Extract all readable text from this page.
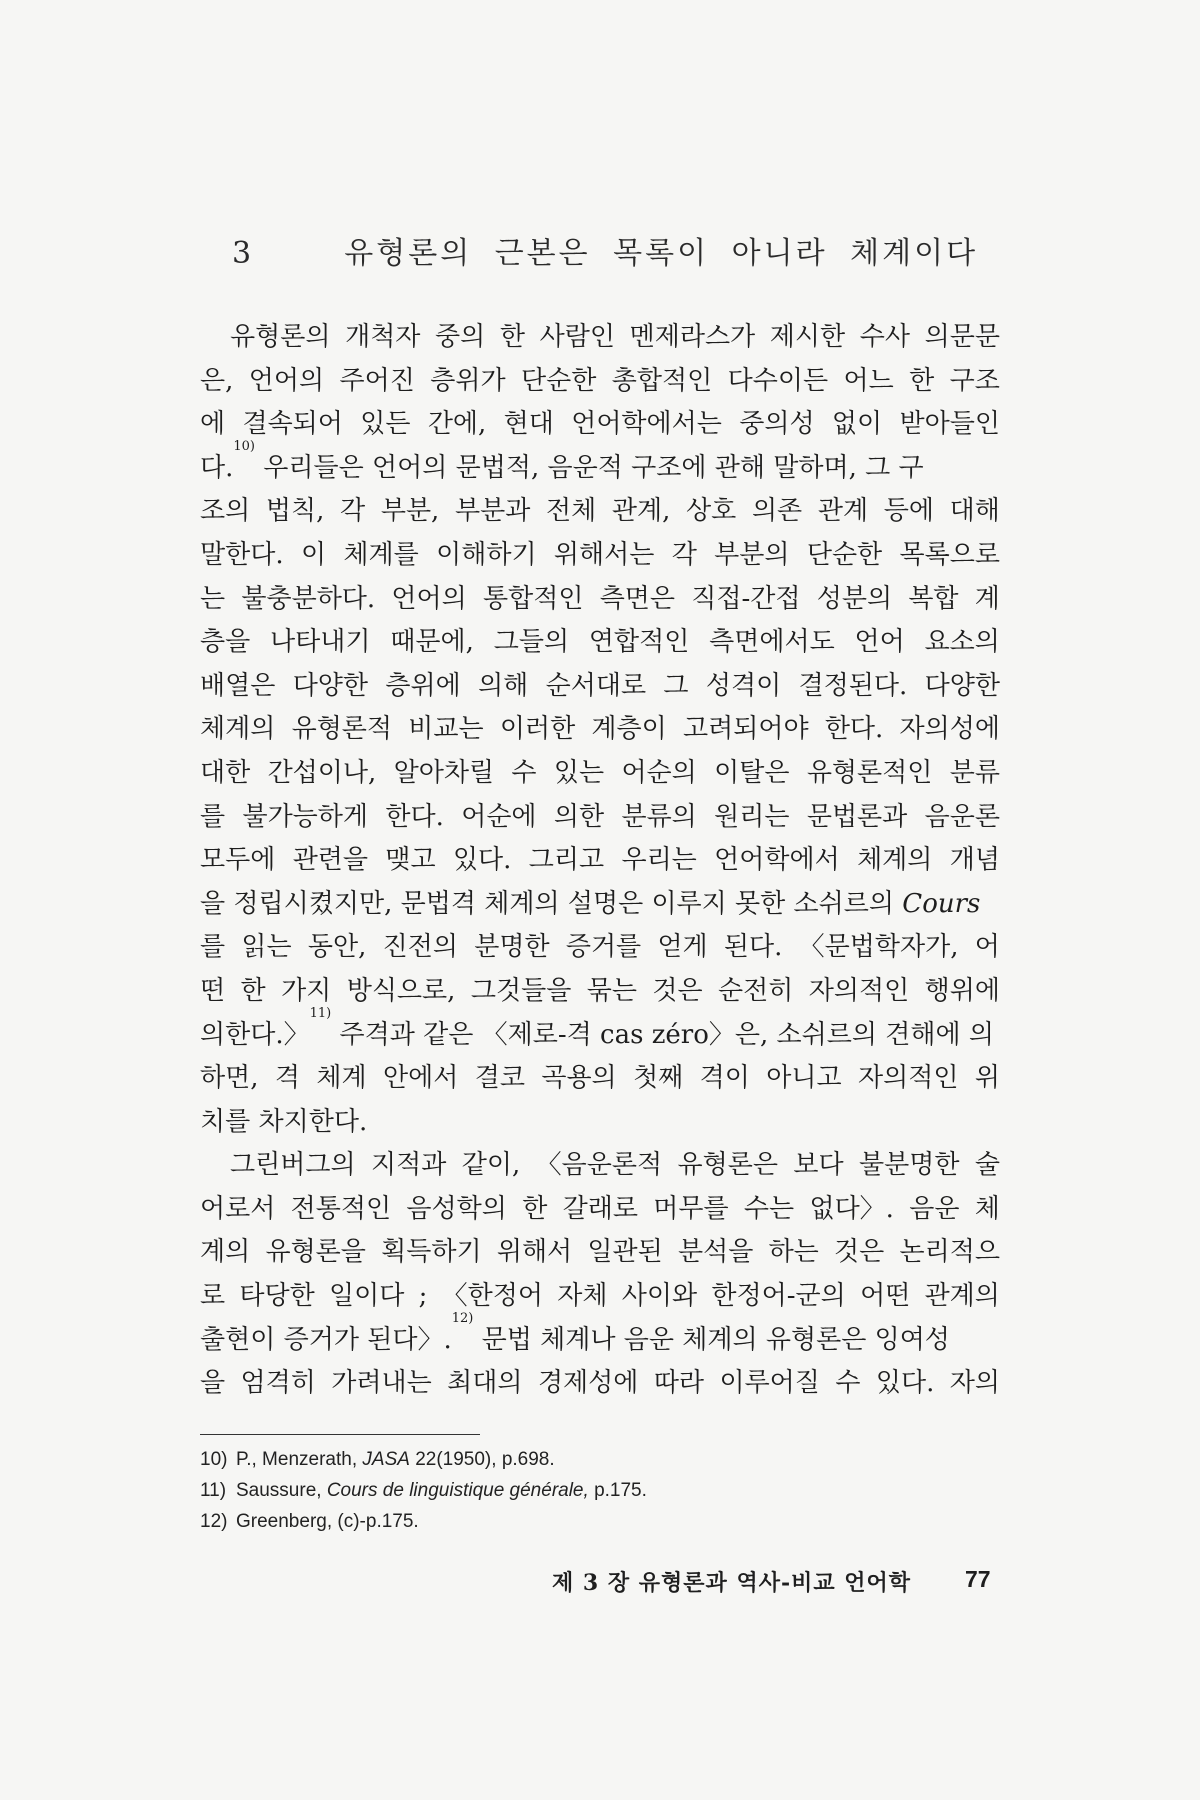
3	유형론의 근본은 목록이 아니라 체계이다
유형론의 개척자 중의 한 사람인 멘제라스가 제시한 수사 의문문
은, 언어의 주어진 층위가 단순한 총합적인 다수이든 어느 한 구조
에 결속되어 있든 간에, 현대 언어학에서는 중의성 없이 받아들인
다.
10)

우리들은 언어의 문법적, 음운적 구조에 관해 말하며, 그 구
조의 법칙, 각 부분, 부분과 전체 관계, 상호 의존 관계 등에 대해
말한다. 이 체계를 이해하기 위해서는 각 부분의 단순한 목록으로
는 불충분하다. 언어의 통합적인 측면은 직접-간접 성분의 복합 계
층을 나타내기 때문에, 그들의 연합적인 측면에서도 언어 요소의
배열은 다양한 층위에 의해 순서대로 그 성격이 결정된다. 다양한
체계의 유형론적 비교는 이러한 계층이 고려되어야 한다. 자의성에
대한 간섭이나, 알아차릴 수 있는 어순의 이탈은 유형론적인 분류
를 불가능하게 한다. 어순에 의한 분류의 원리는 문법론과 음운론
모두에 관련을 맺고 있다. 그리고 우리는 언어학에서 체계의 개념
을 정립시켰지만, 문법격 체계의 설명은 이루지 못한 소쉬르의
Cours
를 읽는 동안, 진전의 분명한 증거를 얻게 된다. 〈문법학자가, 어
떤 한 가지 방식으로, 그것들을 묶는 것은 순전히 자의적인 행위에
의한다.〉
11)

주격과 같은 〈제로-격 cas zéro〉은, 소쉬르의 견해에 의
하면, 격 체계 안에서 결코 곡용의 첫째 격이 아니고 자의적인 위
치를 차지한다.
그린버그의 지적과 같이, 〈음운론적 유형론은 보다 불분명한 술
어로서 전통적인 음성학의 한 갈래로 머무를 수는 없다〉. 음운 체
계의 유형론을 획득하기 위해서 일관된 분석을 하는 것은 논리적으
로 타당한 일이다 ; 〈한정어 자체 사이와 한정어-군의 어떤 관계의
출현이 증거가 된다〉.
12)

문법 체계나 음운 체계의 유형론은 잉여성
을 엄격히 가려내는 최대의 경제성에 따라 이루어질 수 있다. 자의
10) P., Menzerath, JASA 22(1950), p.698.
11) Saussure, Cours de linguistique générale, p.175.
12) Greenberg, (c)-p.175.
제 3 장 유형론과 역사-비교 언어학 77
